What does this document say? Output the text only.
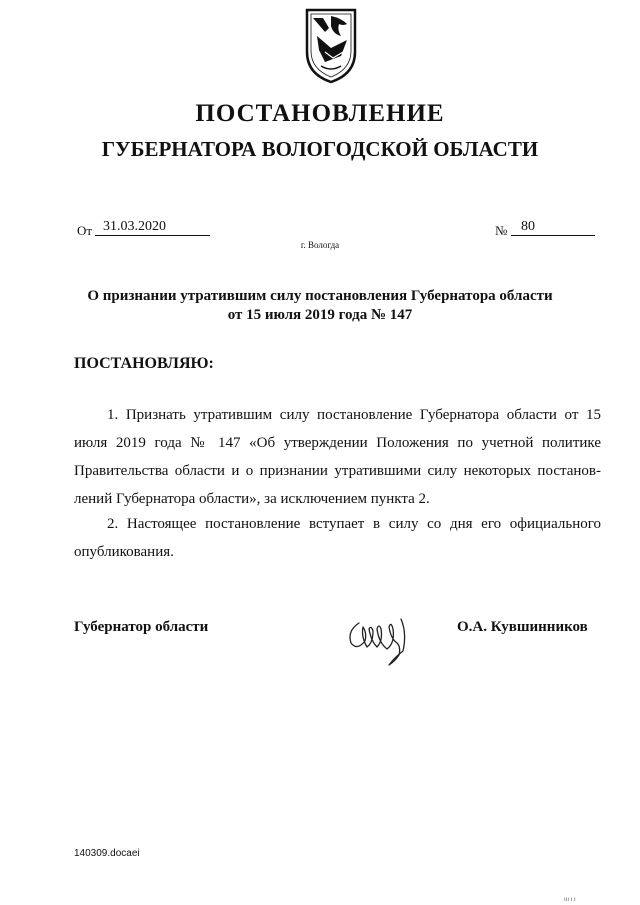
ПОСТАНОВЛЕНИЕ
ГУБЕРНАТОРА ВОЛОГОДСКОЙ ОБЛАСТИ
От 31.03.2020	№ 80
г. Вологда
О признании утратившим силу постановления Губернатора области
от 15 июля 2019 года № 147
ПОСТАНОВЛЯЮ:
1. Признать утратившим силу постановление Губернатора области от 15 июля 2019 года № 147 «Об утверждении Положения по учетной политике Правительства области и о признании утратившими силу некоторых постановлений Губернатора области», за исключением пункта 2.
2. Настоящее постановление вступает в силу со дня его официального опубликования.
Губернатор области	О.А. Кувшинников
140309.docaei
ııı ı ı
